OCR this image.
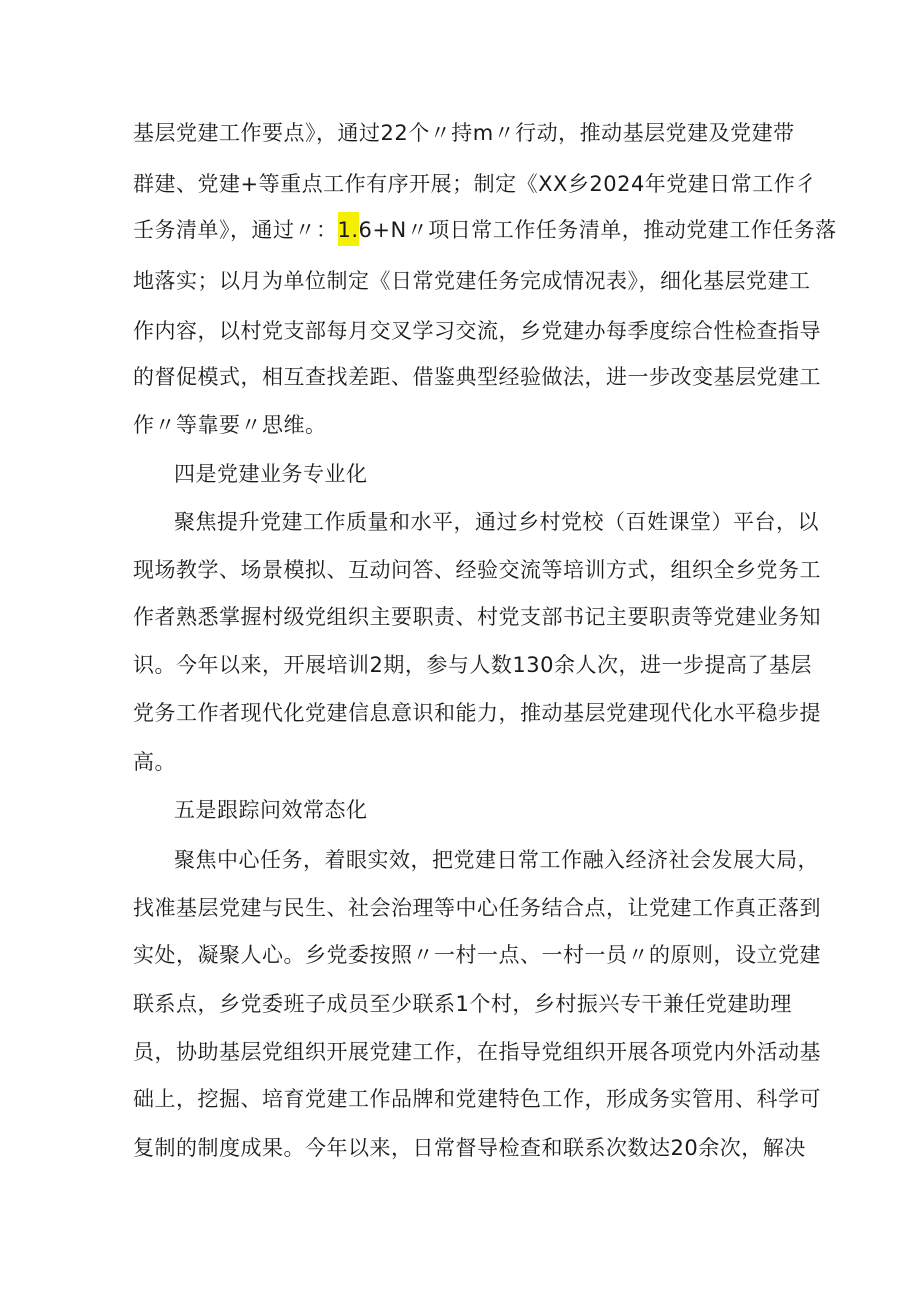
基层党建工作要点》，通过22个〃持m〃行动，推动基层党建及党建带
群建、党建+等重点工作有序开展；制定《XX乡2024年党建日常工作彳
壬务清单》，通过〃：1.6+N〃项日常工作任务清单，推动党建工作任务落
地落实；以月为单位制定《日常党建任务完成情况表》，细化基层党建工
作内容，以村党支部每月交叉学习交流，乡党建办每季度综合性检查指导
的督促模式，相互查找差距、借鉴典型经验做法，进一步改变基层党建工
作〃等靠要〃思维。
四是党建业务专业化
聚焦提升党建工作质量和水平，通过乡村党校（百姓课堂）平台，以
现场教学、场景模拟、互动问答、经验交流等培训方式，组织全乡党务工
作者熟悉掌握村级党组织主要职责、村党支部书记主要职责等党建业务知
识。今年以来，开展培训2期，参与人数130余人次，进一步提高了基层
党务工作者现代化党建信息意识和能力，推动基层党建现代化水平稳步提
高。
五是跟踪问效常态化
聚焦中心任务，着眼实效，把党建日常工作融入经济社会发展大局，
找准基层党建与民生、社会治理等中心任务结合点，让党建工作真正落到
实处，凝聚人心。乡党委按照〃一村一点、一村一员〃的原则，设立党建
联系点，乡党委班子成员至少联系1个村，乡村振兴专干兼任党建助理
员，协助基层党组织开展党建工作，在指导党组织开展各项党内外活动基
础上，挖掘、培育党建工作品牌和党建特色工作，形成务实管用、科学可
复制的制度成果。今年以来，日常督导检查和联系次数达20余次，解决
